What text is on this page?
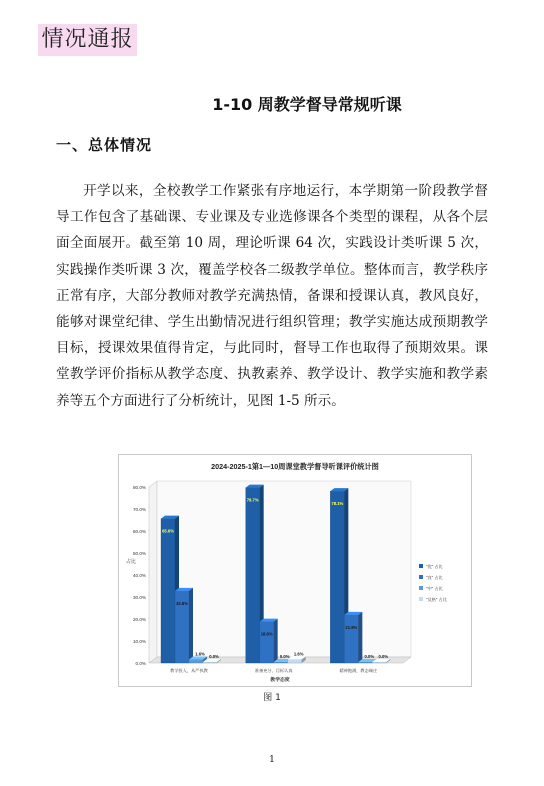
情况通报
1-10 周教学督导常规听课
一、总体情况

开学以来，全校教学工作紧张有序地运行，本学期第一阶段教学督导工作包含了基础课、专业课及专业选修课各个类型的课程，从各个层面全面展开。截至第 10 周，理论听课 64 次，实践设计类听课 5 次，实践操作类听课 3 次，覆盖学校各二级教学单位。整体而言，教学秩序正常有序，大部分教师对教学充满热情，备课和授课认真，教风良好，能够对课堂纪律、学生出勤情况进行组织管理；教学实施达成预期教学目标，授课效果值得肯定，与此同时，督导工作也取得了预期效果。课堂教学评价指标从教学态度、执教素养、教学设计、教学实施和教学素养等五个方面进行了分析统计，见图 1-5 所示。

2024-2025-1第1—10周课堂教学督导听课评价统计图
0.0%
10.0%
20.0%
30.0%
40.0%
50.0%
60.0%
70.0%
80.0%
占比
教学态度
65.6%
32.8%
1.6%
0.0%
教学投入，从严执教
79.7%
18.8%
0.0%
1.6%
准备充分，目标认真
78.1%
21.9%
0.0% 0.0%
精神饱满，教态端庄
"优" 占比
"良" 占比
"中" 占比
"及格" 占比
图 1
1
